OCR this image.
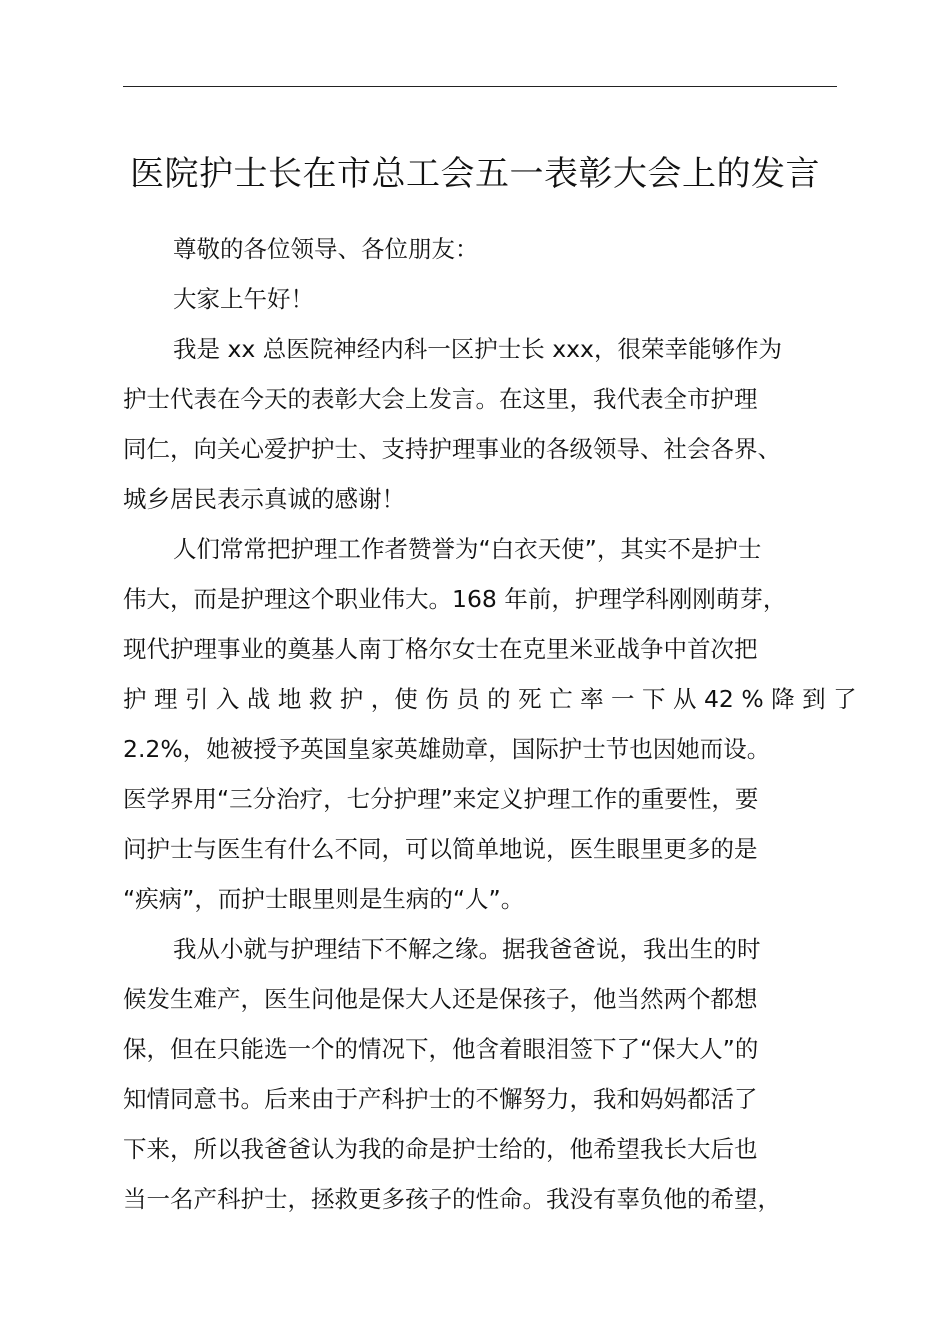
医院护士长在市总工会五一表彰大会上的发言
尊敬的各位领导、各位朋友：
大家上午好！
我是 xx 总医院神经内科一区护士长 xxx，很荣幸能够作为
护士代表在今天的表彰大会上发言。在这里，我代表全市护理
同仁，向关心爱护护士、支持护理事业的各级领导、社会各界、
城乡居民表示真诚的感谢！
人们常常把护理工作者赞誉为“白衣天使”，其实不是护士
伟大，而是护理这个职业伟大。168 年前，护理学科刚刚萌芽，
现代护理事业的奠基人南丁格尔女士在克里米亚战争中首次把
护 理 引 入 战 地 救 护 ，使 伤 员 的 死 亡 率 一 下 从 42 % 降 到 了
2.2%，她被授予英国皇家英雄勋章，国际护士节也因她而设。
医学界用“三分治疗，七分护理”来定义护理工作的重要性，要
问护士与医生有什么不同，可以简单地说，医生眼里更多的是
“疾病”，而护士眼里则是生病的“人”。
我从小就与护理结下不解之缘。据我爸爸说，我出生的时
候发生难产，医生问他是保大人还是保孩子，他当然两个都想
保，但在只能选一个的情况下，他含着眼泪签下了“保大人”的
知情同意书。后来由于产科护士的不懈努力，我和妈妈都活了
下来，所以我爸爸认为我的命是护士给的，他希望我长大后也
当一名产科护士，拯救更多孩子的性命。我没有辜负他的希望，
